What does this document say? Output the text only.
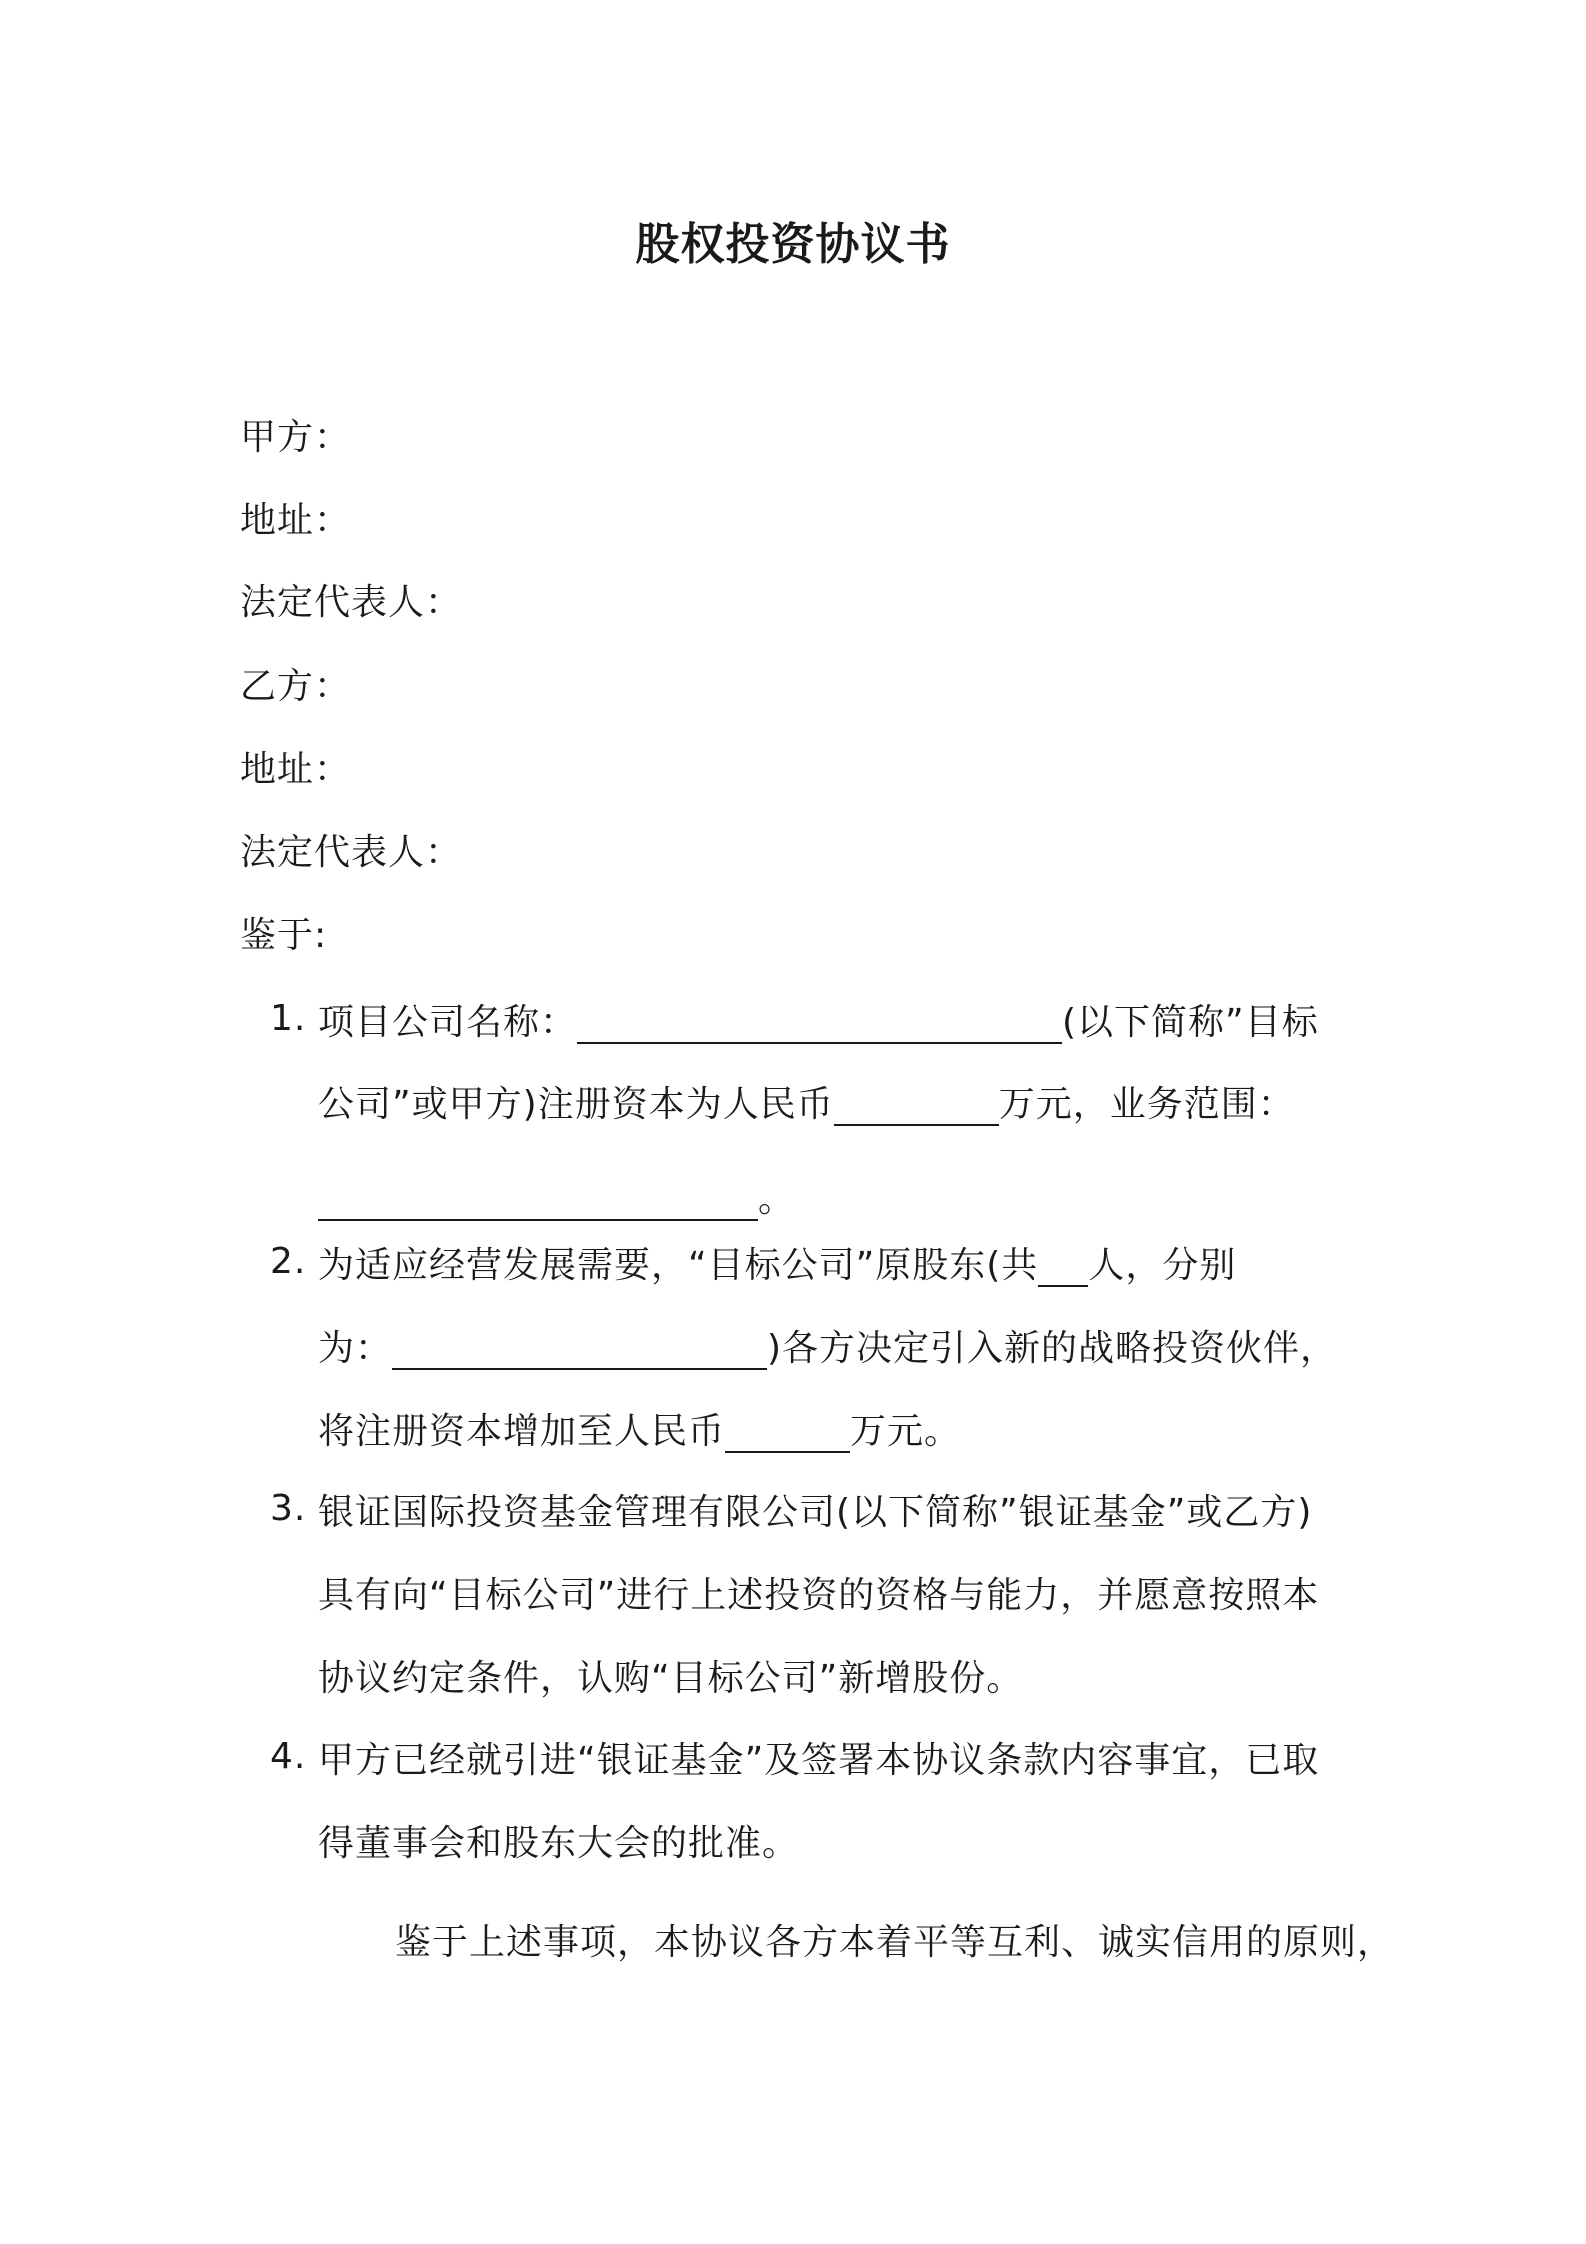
股权投资协议书
甲方：
地址：
法定代表人：
乙方：
地址：
法定代表人：
鉴于:
1. 项目公司名称：	(以下简称”目标
公司”或甲方)注册资本为人民币	万元，业务范围：
。
2. 为适应经营发展需要，“目标公司”原股东(共 人，分别
为：	)各方决定引入新的战略投资伙伴，
将注册资本增加至人民币	万元。
3. 银证国际投资基金管理有限公司(以下简称”银证基金”或乙方)
具有向“目标公司”进行上述投资的资格与能力，并愿意按照本
协议约定条件，认购“目标公司”新增股份。
4. 甲方已经就引进“银证基金”及签署本协议条款内容事宜，已取
得董事会和股东大会的批准。
鉴于上述事项，本协议各方本着平等互利、诚实信用的原则，
